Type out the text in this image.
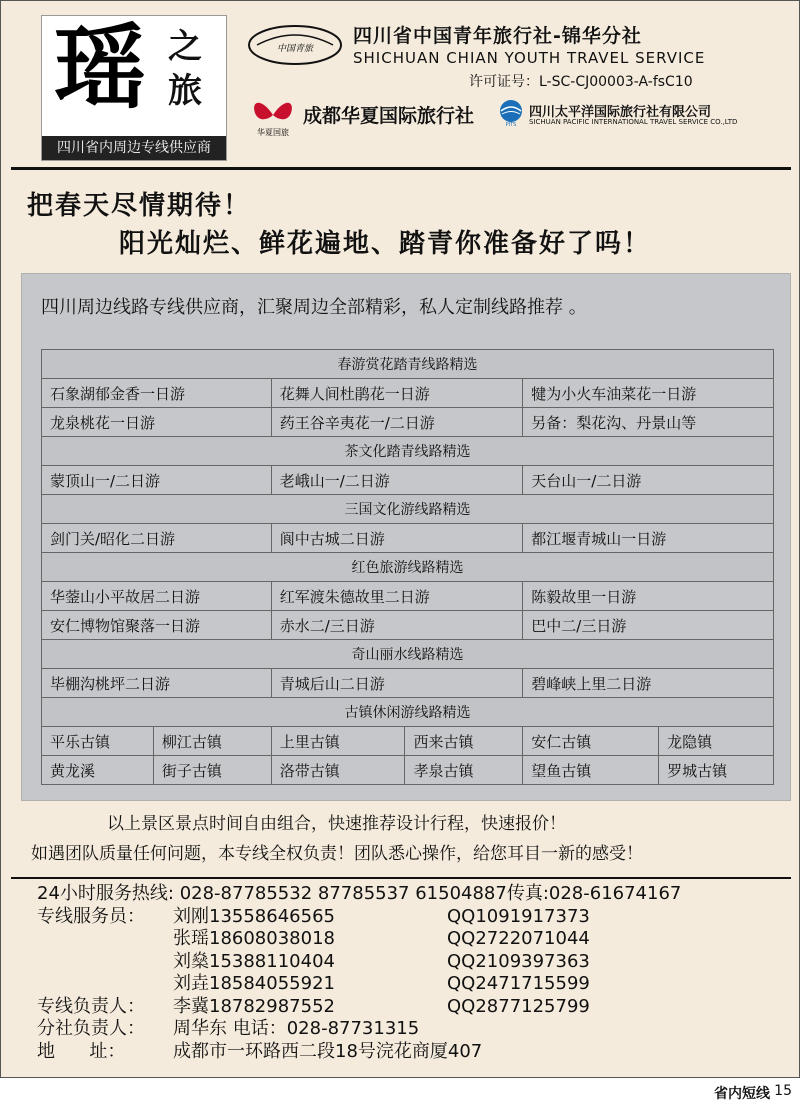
瑶 之
旅
四川省内周边专线供应商
中国青旅
四川省中国青年旅行社-锦华分社
SHICHUAN CHIAN YOUTH TRAVEL SERVICE
许可证号：L-SC-CJ00003-A-fsC10
华夏国旅
成都华夏国际旅行社	PITS
四川太平洋国际旅行社有限公司
SICHUAN PACIFIC INTERNATIONAL TRAVEL SERVICE CO.,LTD
把春天尽情期待！
阳光灿烂、鲜花遍地、踏青你准备好了吗！
四川周边线路专线供应商，汇聚周边全部精彩，私人定制线路推荐 。
春游赏花踏青线路精选					
石象湖郁金香一日游		花舞人间杜鹃花一日游		犍为小火车油菜花一日游	
龙泉桃花一日游		药王谷辛夷花一/二日游		另备：梨花沟、丹景山等	
茶文化踏青线路精选					
蒙顶山一/二日游		老峨山一/二日游		天台山一/二日游	
三国文化游线路精选					
剑门关/昭化二日游		阆中古城二日游		都江堰青城山一日游	
红色旅游线路精选					
华蓥山小平故居二日游		红军渡朱德故里二日游		陈毅故里一日游	
安仁博物馆聚落一日游		赤水二/三日游		巴中二/三日游	
奇山丽水线路精选					
毕棚沟桃坪二日游		青城后山二日游		碧峰峡上里二日游	
古镇休闲游线路精选					
平乐古镇	柳江古镇	上里古镇	西来古镇	安仁古镇	龙隐镇
黄龙溪	街子古镇	洛带古镇	孝泉古镇	望鱼古镇	罗城古镇
以上景区景点时间自由组合，快速推荐设计行程，快速报价！
如遇团队质量任何问题，本专线全权负责！团队悉心操作，给您耳目一新的感受！
24小时服务热线: 028-87785532 87785537 61504887传真:028-61674167
专线服务员： 刘刚13558646565	QQ1091917373
张瑶18608038018	QQ2722071044
刘燊15388110404	QQ2109397363
刘垚18584055921	QQ2471715599
专线负责人： 李冀18782987552	QQ2877125799
分社负责人： 周华东 电话：028-87731315
地      址：	成都市一环路西二段18号浣花商厦407
省内短线 15
